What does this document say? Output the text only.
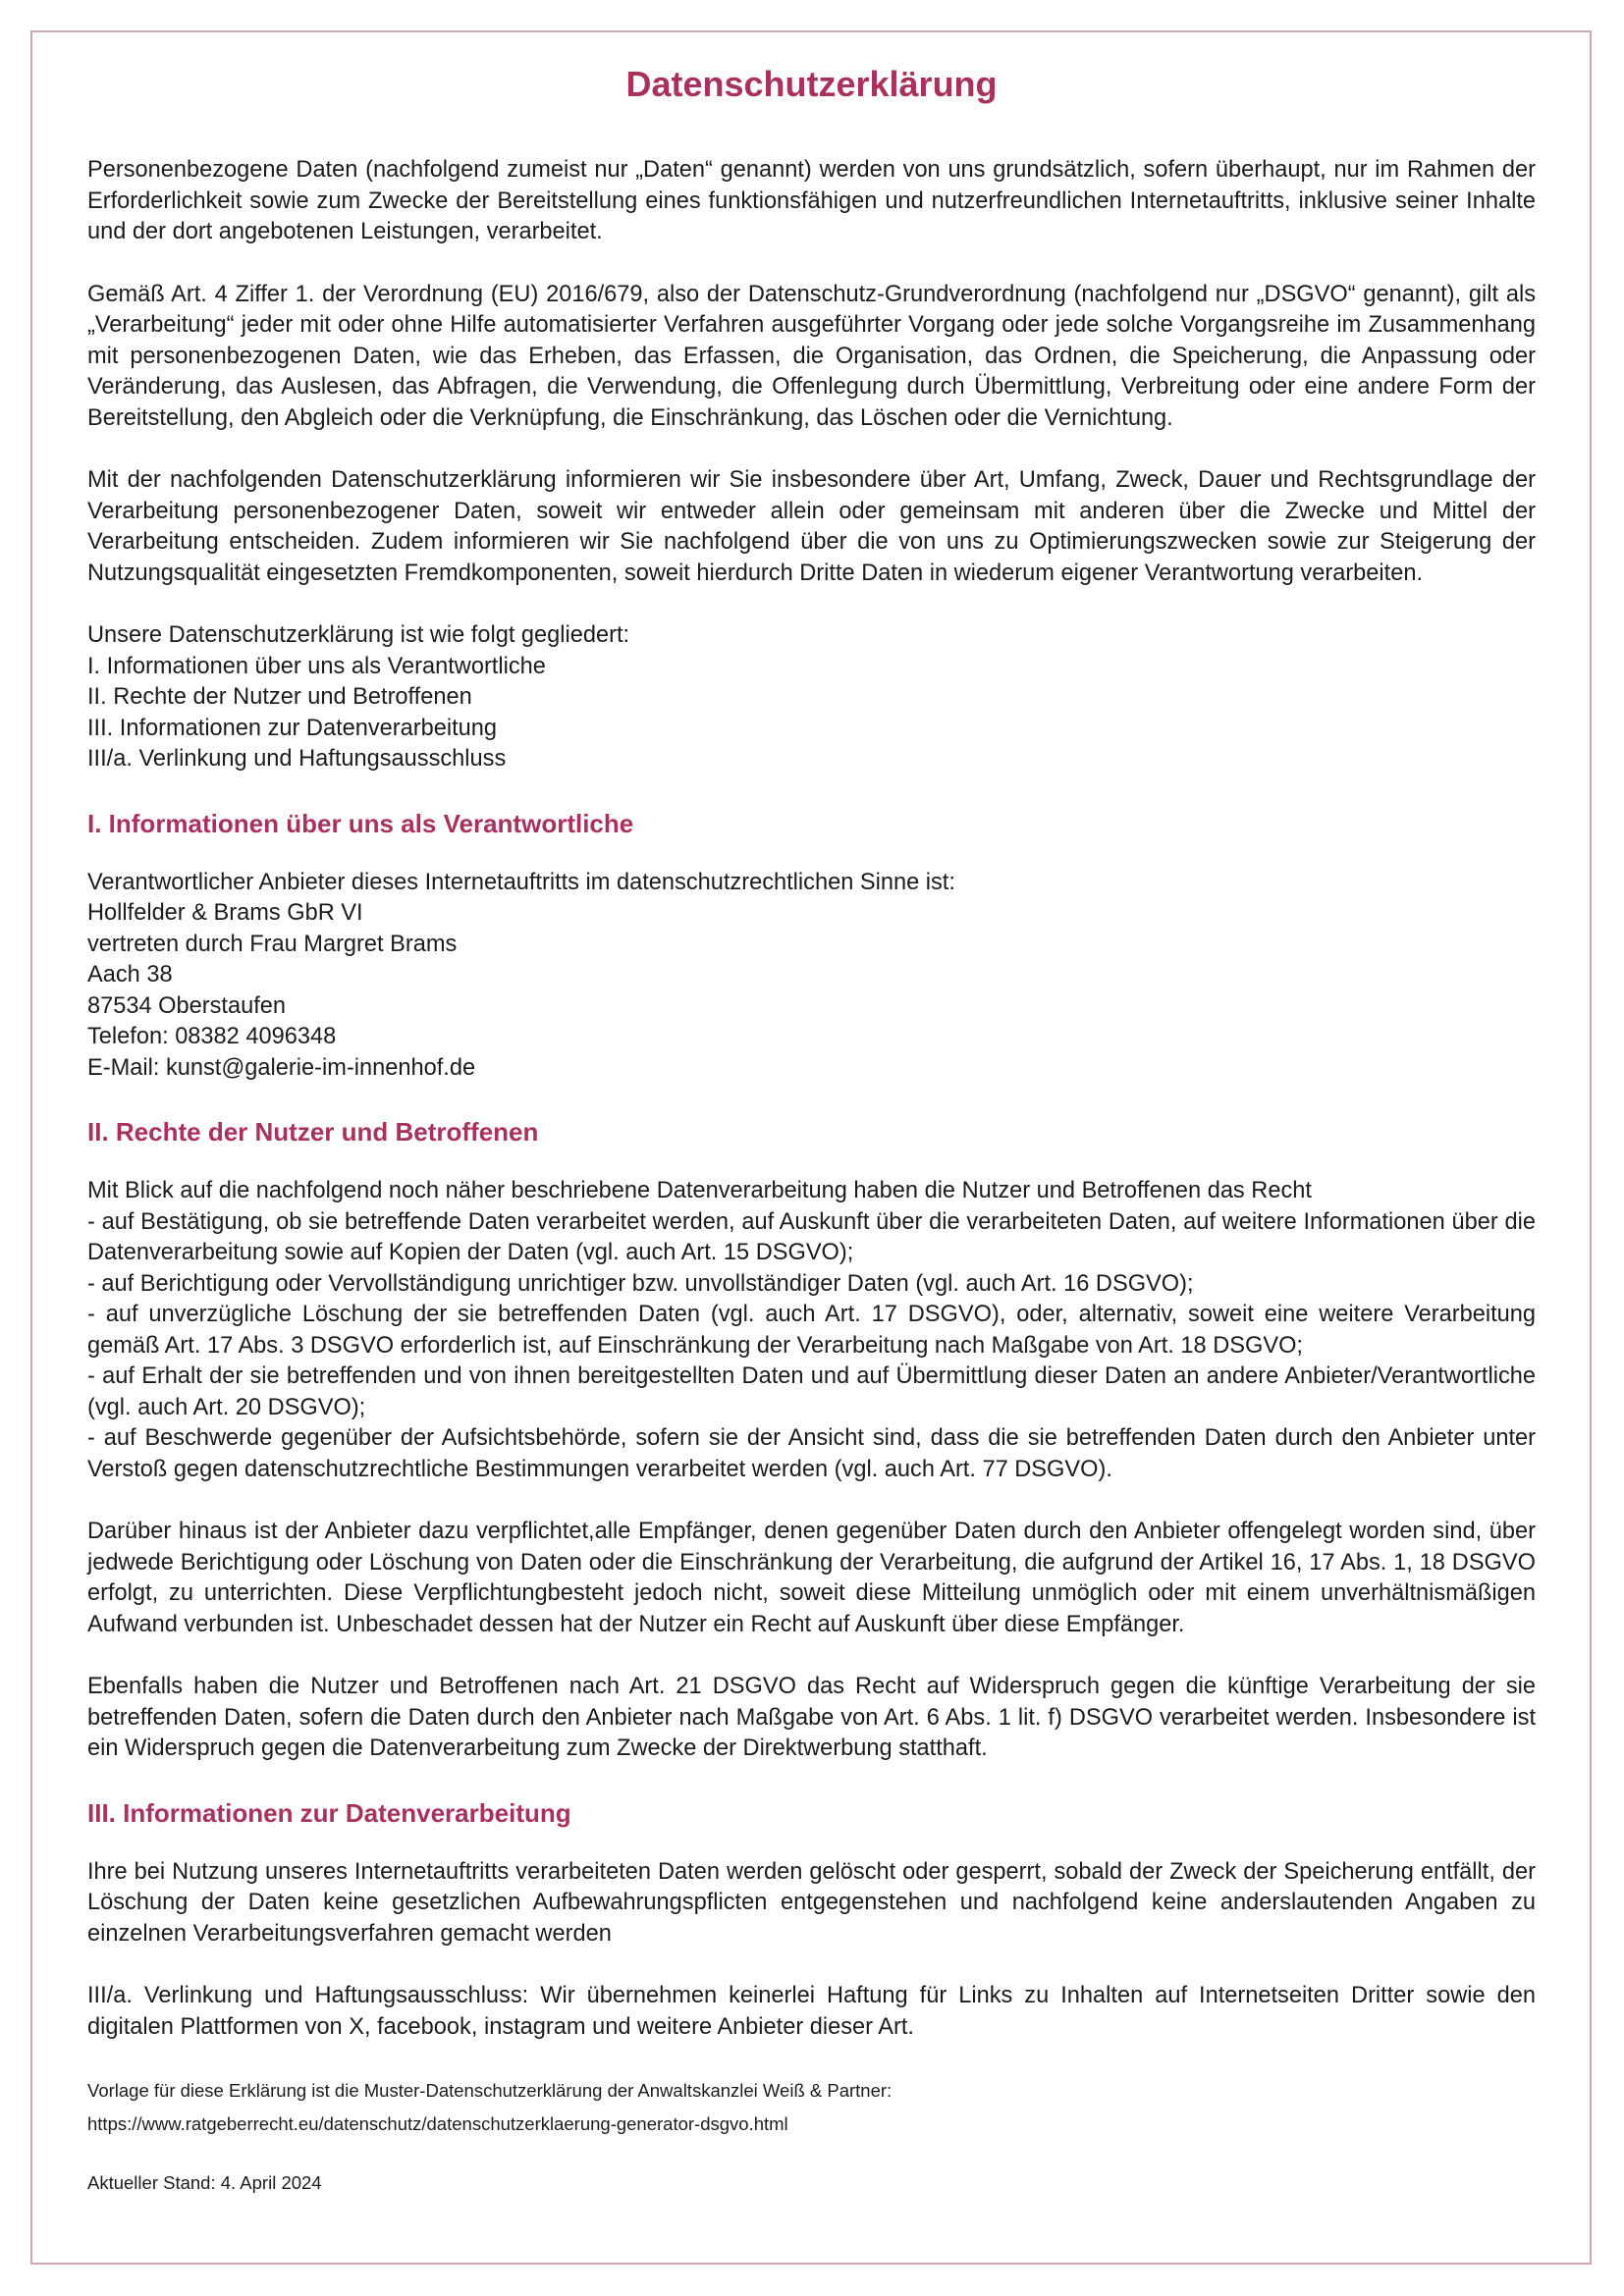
Datenschutzerklärung

Personenbezogene Daten (nachfolgend zumeist nur „Daten“ genannt) werden von uns grundsätzlich, sofern überhaupt, nur im Rahmen der Erforderlichkeit sowie zum Zwecke der Bereitstellung eines funktionsfähigen und nutzerfreundlichen Internetauftritts, inklusive seiner Inhalte und der dort angebotenen Leistungen, verarbeitet.

Gemäß Art. 4 Ziffer 1. der Verordnung (EU) 2016/679, also der Datenschutz-Grundverordnung (nachfolgend nur „DSGVO“ genannt), gilt als „Verarbeitung“ jeder mit oder ohne Hilfe automatisierter Verfahren ausgeführter Vorgang oder jede solche Vorgangsreihe im Zusammenhang mit personenbezogenen Daten, wie das Erheben, das Erfassen, die Organisation, das Ordnen, die Speicherung, die Anpassung oder Veränderung, das Auslesen, das Abfragen, die Verwendung, die Offenlegung durch Übermittlung, Verbreitung oder eine andere Form der Bereitstellung, den Abgleich oder die Verknüpfung, die Einschränkung, das Löschen oder die Vernichtung.

Mit der nachfolgenden Datenschutzerklärung informieren wir Sie insbesondere über Art, Umfang, Zweck, Dauer und Rechtsgrundlage der Verarbeitung personenbezogener Daten, soweit wir entweder allein oder gemeinsam mit anderen über die Zwecke und Mittel der Verarbeitung entscheiden. Zudem informieren wir Sie nachfolgend über die von uns zu Optimierungszwecken sowie zur Steigerung der Nutzungsqualität eingesetzten Fremdkomponenten, soweit hierdurch Dritte Daten in wiederum eigener Verantwortung verarbeiten.

Unsere Datenschutzerklärung ist wie folgt gegliedert:
I. Informationen über uns als Verantwortliche
II. Rechte der Nutzer und Betroffenen
III. Informationen zur Datenverarbeitung
III/a. Verlinkung und Haftungsausschluss
I. Informationen über uns als Verantwortliche
Verantwortlicher Anbieter dieses Internetauftritts im datenschutzrechtlichen Sinne ist:
Hollfelder & Brams GbR VI
vertreten durch Frau Margret Brams
Aach 38
87534 Oberstaufen
Telefon: 08382 4096348
E-Mail: kunst@galerie-im-innenhof.de
II. Rechte der Nutzer und Betroffenen
Mit Blick auf die nachfolgend noch näher beschriebene Datenverarbeitung haben die Nutzer und Betroffenen das Recht
- auf Bestätigung, ob sie betreffende Daten verarbeitet werden, auf Auskunft über die verarbeiteten Daten, auf weitere Informationen über die Datenverarbeitung sowie auf Kopien der Daten (vgl. auch Art. 15 DSGVO);
- auf Berichtigung oder Vervollständigung unrichtiger bzw. unvollständiger Daten (vgl. auch Art. 16 DSGVO);
- auf unverzügliche Löschung der sie betreffenden Daten (vgl. auch Art. 17 DSGVO), oder, alternativ, soweit eine weitere Verarbeitung gemäß Art. 17 Abs. 3 DSGVO erforderlich ist, auf Einschränkung der Verarbeitung nach Maßgabe von Art. 18 DSGVO;
- auf Erhalt der sie betreffenden und von ihnen bereitgestellten Daten und auf Übermittlung dieser Daten an andere Anbieter/Verantwortliche (vgl. auch Art. 20 DSGVO);
- auf Beschwerde gegenüber der Aufsichtsbehörde, sofern sie der Ansicht sind, dass die sie betreffenden Daten durch den Anbieter unter Verstoß gegen datenschutzrechtliche Bestimmungen verarbeitet werden (vgl. auch Art. 77 DSGVO).

Darüber hinaus ist der Anbieter dazu verpflichtet,alle Empfänger, denen gegenüber Daten durch den Anbieter offengelegt worden sind, über jedwede Berichtigung oder Löschung von Daten oder die Einschränkung der Verarbeitung, die aufgrund der Artikel 16, 17 Abs. 1, 18 DSGVO erfolgt, zu unterrichten. Diese Verpflichtungbesteht jedoch nicht, soweit diese Mitteilung unmöglich oder mit einem unverhältnismäßigen Aufwand verbunden ist. Unbeschadet dessen hat der Nutzer ein Recht auf Auskunft über diese Empfänger.

Ebenfalls haben die Nutzer und Betroffenen nach Art. 21 DSGVO das Recht auf Widerspruch gegen die künftige Verarbeitung der sie betreffenden Daten, sofern die Daten durch den Anbieter nach Maßgabe von Art. 6 Abs. 1 lit. f) DSGVO verarbeitet werden. Insbesondere ist ein Widerspruch gegen die Datenverarbeitung zum Zwecke der Direktwerbung statthaft.

III. Informationen zur Datenverarbeitung

Ihre bei Nutzung unseres Internetauftritts verarbeiteten Daten werden gelöscht oder gesperrt, sobald der Zweck der Speicherung entfällt, der Löschung der Daten keine gesetzlichen Aufbewahrungspflicten entgegenstehen und nachfolgend keine anderslautenden Angaben zu einzelnen Verarbeitungsverfahren gemacht werden

III/a. Verlinkung und Haftungsausschluss: Wir übernehmen keinerlei Haftung für Links zu Inhalten auf Internetseiten Dritter sowie den digitalen Plattformen von X, facebook, instagram und weitere Anbieter dieser Art.

Vorlage für diese Erklärung ist die Muster-Datenschutzerklärung der Anwaltskanzlei Weiß & Partner:
https://www.ratgeberrecht.eu/datenschutz/datenschutzerklaerung-generator-dsgvo.html
Aktueller Stand: 4. April 2024
